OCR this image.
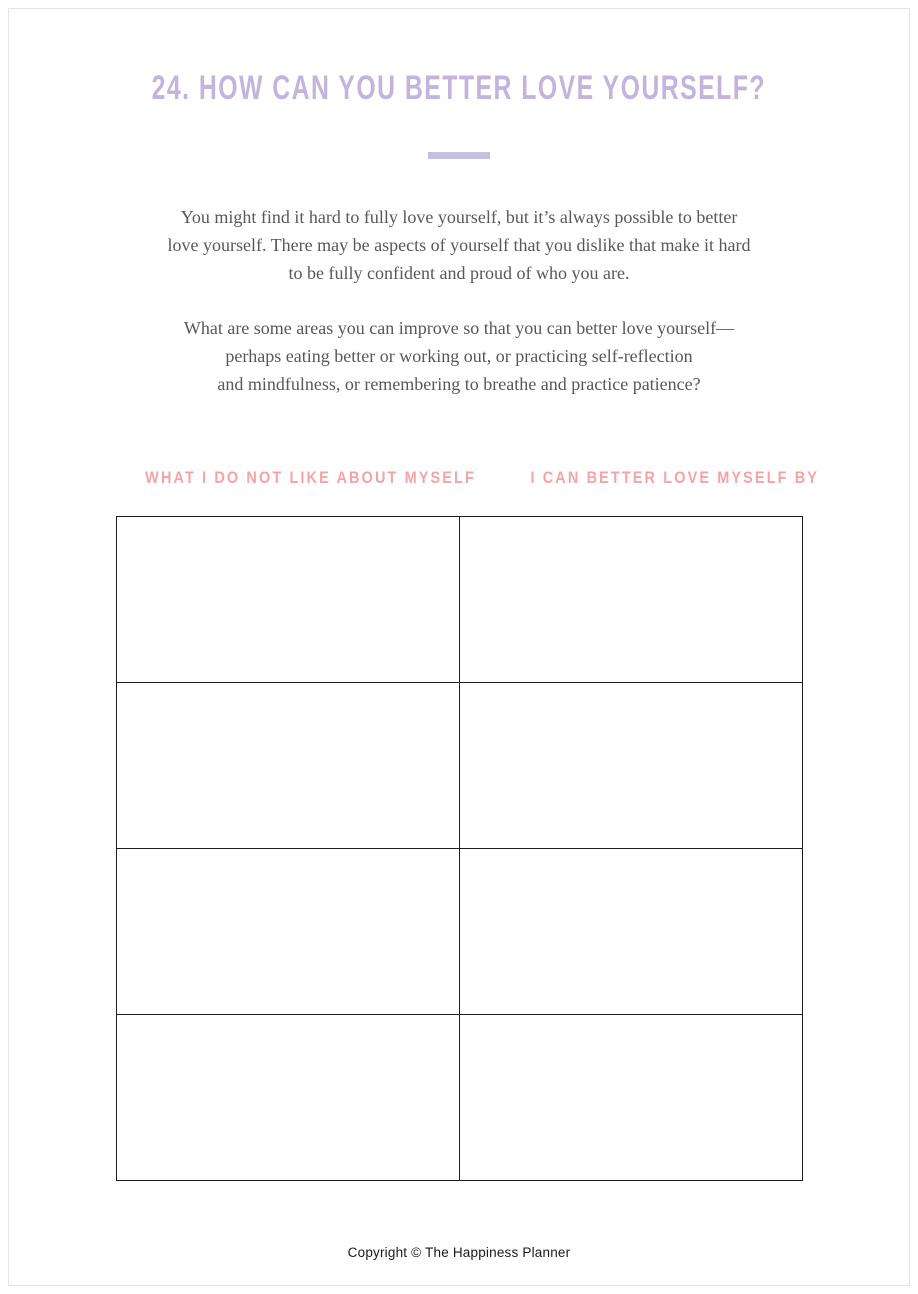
24. HOW CAN YOU BETTER LOVE YOURSELF?
You might find it hard to fully love yourself, but it’s always possible to better
love yourself. There may be aspects of yourself that you dislike that make it hard
to be fully confident and proud of who you are.
What are some areas you can improve so that you can better love yourself—
perhaps eating better or working out, or practicing self-reflection
and mindfulness, or remembering to breathe and practice patience?
WHAT I DO NOT LIKE ABOUT MYSELF	I CAN BETTER LOVE MYSELF BY

Copyright © The Happiness Planner
